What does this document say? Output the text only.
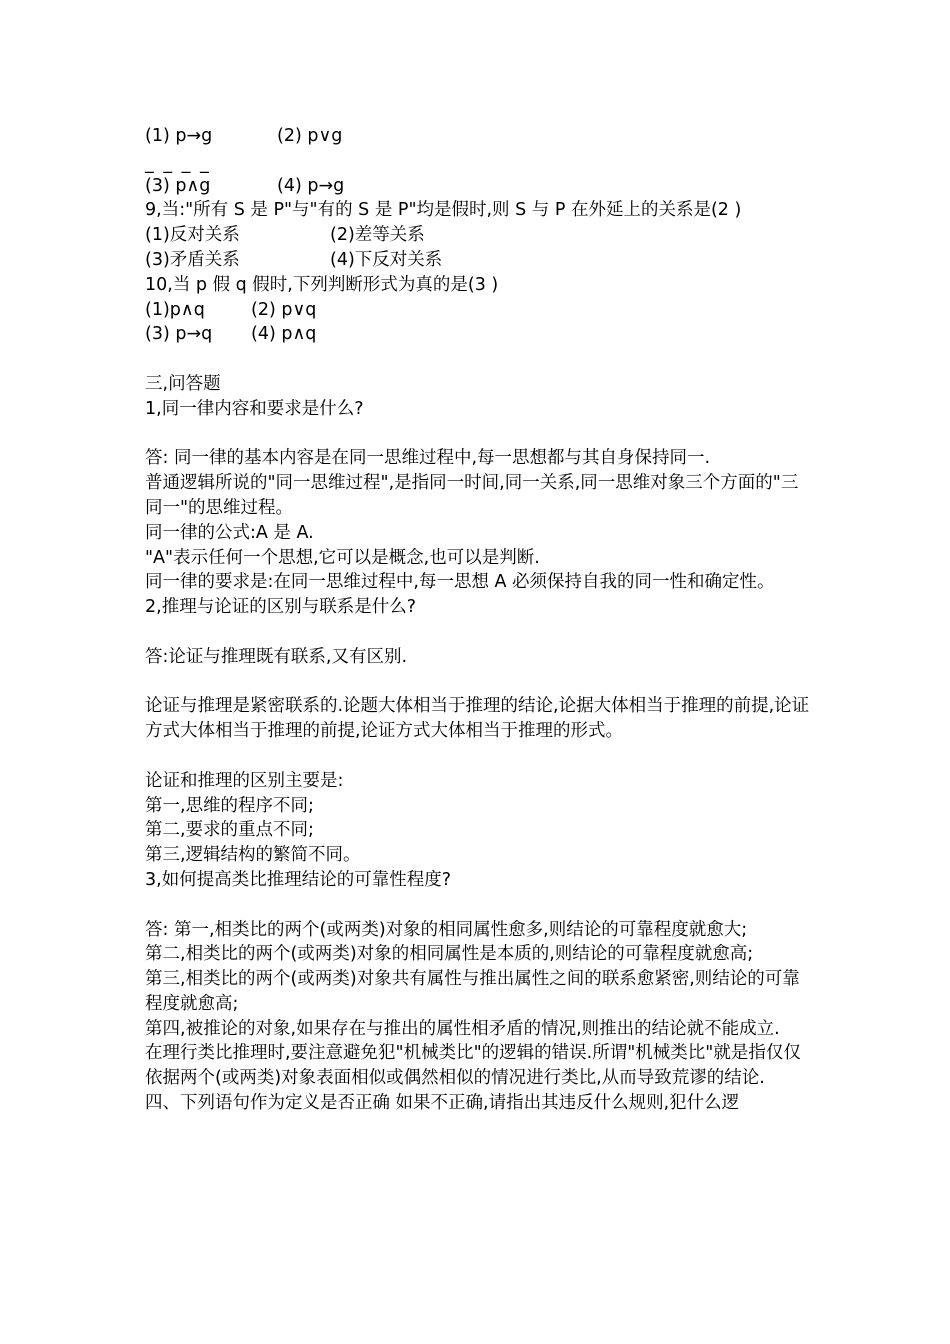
(1) p→g	(2) p∨g
_ _ _ _
(3) p∧g	(4) p→g
9,当:"所有 S 是 P"与"有的 S 是 P"均是假时,则 S 与 P 在外延上的关系是(2 )
(1)反对关系	(2)差等关系
(3)矛盾关系	(4)下反对关系
10,当 p 假 q 假时,下列判断形式为真的是(3 )
(1)p∧q	(2) p∨q
(3) p→q	(4) p∧q
三,问答题
1,同一律内容和要求是什么?
答: 同一律的基本内容是在同一思维过程中,每一思想都与其自身保持同一.
普通逻辑所说的"同一思维过程",是指同一时间,同一关系,同一思维对象三个方面的"三同一"的思维过程。
同一律的公式:A 是 A.
"A"表示任何一个思想,它可以是概念,也可以是判断.
同一律的要求是:在同一思维过程中,每一思想 A 必须保持自我的同一性和确定性。
2,推理与论证的区别与联系是什么?
答:论证与推理既有联系,又有区别.
论证与推理是紧密联系的.论题大体相当于推理的结论,论据大体相当于推理的前提,论证方式大体相当于推理的前提,论证方式大体相当于推理的形式。
论证和推理的区别主要是:
第一,思维的程序不同;
第二,要求的重点不同;
第三,逻辑结构的繁简不同。
3,如何提高类比推理结论的可靠性程度?
答: 第一,相类比的两个(或两类)对象的相同属性愈多,则结论的可靠程度就愈大;
第二,相类比的两个(或两类)对象的相同属性是本质的,则结论的可靠程度就愈高;
第三,相类比的两个(或两类)对象共有属性与推出属性之间的联系愈紧密,则结论的可靠程度就愈高;
第四,被推论的对象,如果存在与推出的属性相矛盾的情况,则推出的结论就不能成立.
在理行类比推理时,要注意避免犯"机械类比"的逻辑的错误.所谓"机械类比"就是指仅仅依据两个(或两类)对象表面相似或偶然相似的情况进行类比,从而导致荒谬的结论.
四、下列语句作为定义是否正确 如果不正确,请指出其违反什么规则,犯什么逻
